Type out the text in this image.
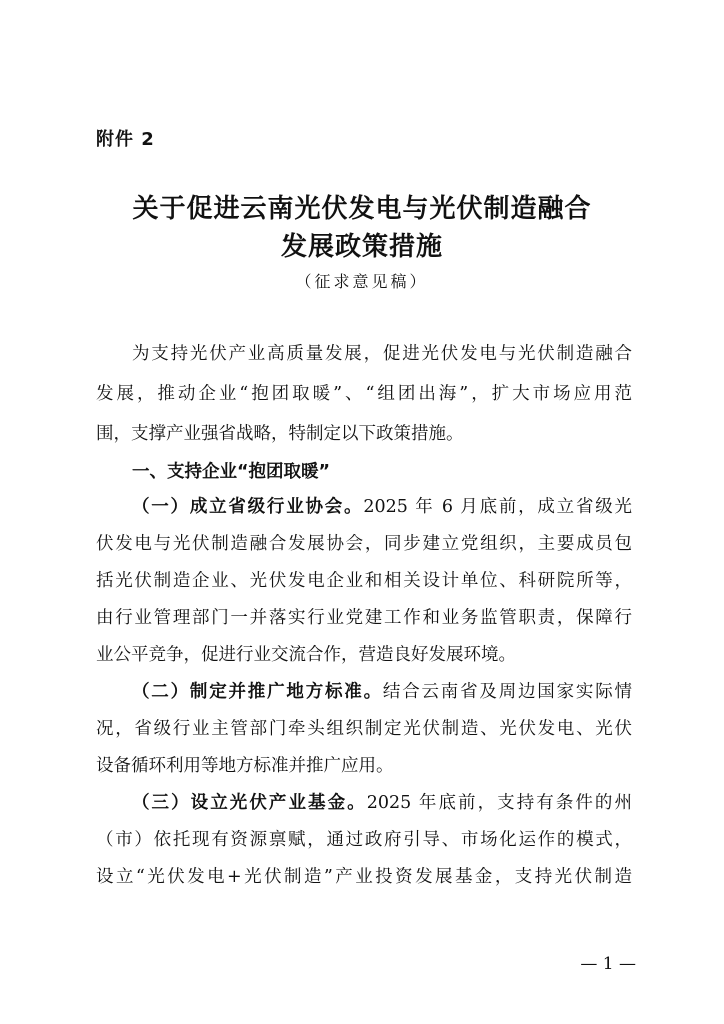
附件 2
关于促进云南光伏发电与光伏制造融合
发展政策措施
（征求意见稿）
为支持光伏产业高质量发展，促进光伏发电与光伏制造融合
发展，推动企业“抱团取暖”、“组团出海”，扩大市场应用范
围，支撑产业强省战略，特制定以下政策措施。
一、支持企业“抱团取暖”
（一）成立省级行业协会。2025 年 6 月底前，成立省级光
伏发电与光伏制造融合发展协会，同步建立党组织，主要成员包
括光伏制造企业、光伏发电企业和相关设计单位、科研院所等，
由行业管理部门一并落实行业党建工作和业务监管职责，保障行
业公平竞争，促进行业交流合作，营造良好发展环境。
（二）制定并推广地方标准。结合云南省及周边国家实际情
况，省级行业主管部门牵头组织制定光伏制造、光伏发电、光伏
设备循环利用等地方标准并推广应用。
（三）设立光伏产业基金。2025 年底前，支持有条件的州
（市）依托现有资源禀赋，通过政府引导、市场化运作的模式，
设立“光伏发电+光伏制造”产业投资发展基金，支持光伏制造
— 1 —
